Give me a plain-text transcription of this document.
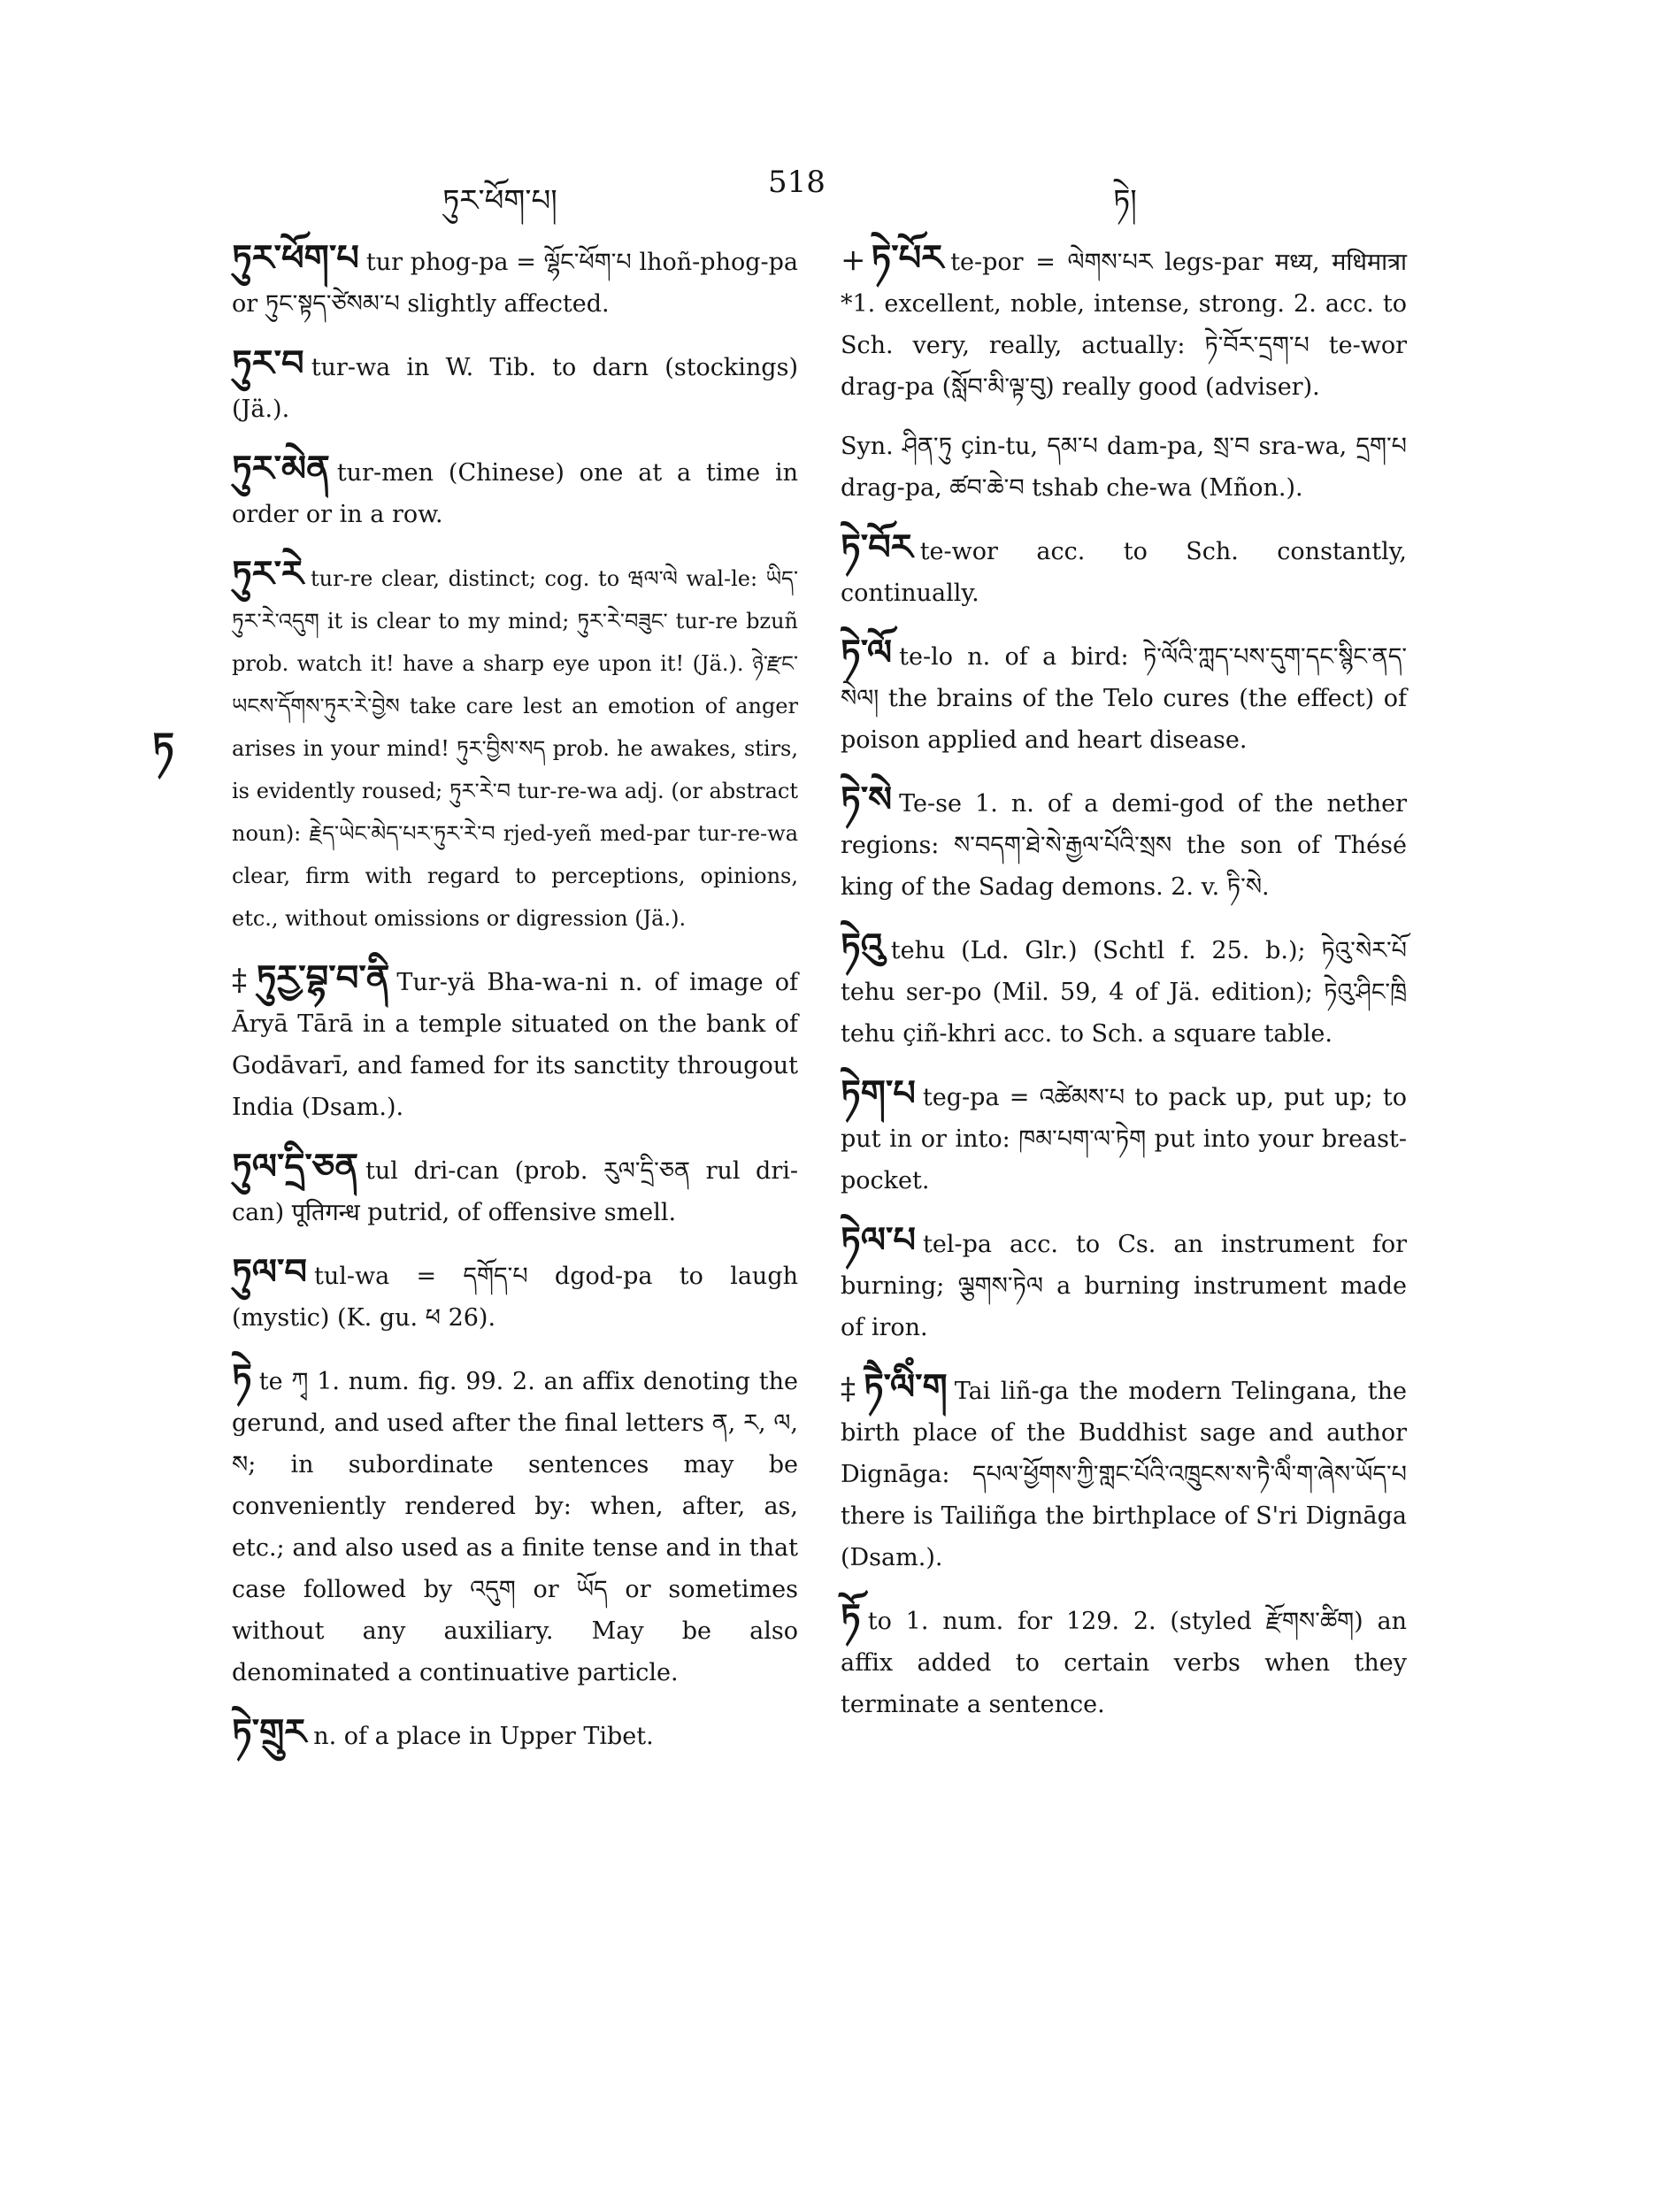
ཏུར་ཕོག་པ།
518
ཏེ།
ཏ

ཏུར་ཕོག་པ tur phog-pa = ལྷོང་ཕོག་པ lhoñ-phog-pa or ཏུང་སྟད་ཙེསམ་པ slightly affected.

ཏུར་བ tur-wa in W. Tib. to darn (stockings) (Jä.).

ཏུར་མེན tur-men (Chinese) one at a time in order or in a row.

ཏུར་རེ tur-re clear, distinct; cog. to ཝལ་ལེ wal-le: ཡིད་ཏུར་རེ་འདུག it is clear to my mind; ཏུར་རེ་བཟུང་ tur-re bzuñ prob. watch it! have a sharp eye upon it! (Jä.). ཉེ་རྫང་ཡངས་དོགས་ཏུར་རེ་བྱེས take care lest an emotion of anger arises in your mind! ཏུར་བྱིས་སད prob. he awakes, stirs, is evidently roused; ཏུར་རེ་བ tur-re-wa adj. (or abstract noun): རྗེད་ཡེང་མེད་པར་ཏུར་རེ་བ rjed-yeñ med-par tur-re-wa clear, firm with regard to perceptions, opinions, etc., without omissions or digression (Jä.).

‡ ཏུརྱ་བྷ་བ་ནི Tur-yä Bha-wa-ni n. of image of Āryā Tārā in a temple situated on the bank of Godāvarī, and famed for its sanctity througout India (Dsam.).

ཏུལ་དྲི་ཅན tul dri-can (prob. རུལ་དྲི་ཅན rul dri-can) पूतिगन्ध putrid, of offensive smell.

ཏུལ་བ tul-wa = དགོད་པ dgod-pa to laugh (mystic) (K. gu. ཕ 26).

ཏེ te ཀྭ 1. num. fig. 99. 2. an affix denoting the gerund, and used after the final letters ན, ར, ལ, ས; in subordinate sentences may be conveniently rendered by: when, after, as, etc.; and also used as a finite tense and in that case followed by འདུག or ཡོད or sometimes without any auxiliary. May be also denominated a continuative particle.

ཏེ་གྲུར n. of a place in Upper Tibet.

+ ཏེ་པོར te-por = ལེགས་པར legs-par मध्य, मधिमात्रा *1. excellent, noble, intense, strong. 2. acc. to Sch. very, really, actually: ཏེ་བོར་དྲག་པ te-wor drag-pa (སློབ་མི་ལྟ་བུ) really good (adviser).

Syn. ཤིན་ཏུ çin-tu, དམ་པ dam-pa, སྲ་བ sra-wa, དྲག་པ drag-pa, ཚབ་ཆེ་བ tshab che-wa (Mñon.).

ཏེ་བོར te-wor acc. to Sch. constantly, continually.

ཏེ་ལོ te-lo n. of a bird: ཏེ་ལོའི་ཀླད་པས་དུག་དང་སྙིང་ནད་སེལ། the brains of the Telo cures (the effect) of poison applied and heart disease.

ཏེ་སེ Te-se 1. n. of a demi-god of the nether regions: ས་བདག་ཐེ་སེ་རྒྱལ་པོའི་སྲས the son of Thésé king of the Sadag demons. 2. v. ཏི་སེ.

ཏེའུ tehu (Ld. Glr.) (Schtl f. 25. b.); ཏེའུ་སེར་པོ tehu ser-po (Mil. 59, 4 of Jä. edition); ཏེའུ་ཤིང་ཁྲི tehu çiñ-khri acc. to Sch. a square table.

ཏེག་པ teg-pa = འཚེམས་པ to pack up, put up; to put in or into: ཁམ་པག་ལ་ཏེག put into your breast-pocket.

ཏེལ་པ tel-pa acc. to Cs. an instrument for burning; ལྕགས་ཏེལ a burning instrument made of iron.

‡ ཏཻ་ལིཾ་ག Tai liñ-ga the modern Telingana, the birth place of the Buddhist sage and author Dignāga: དཔལ་ཕྱོགས་ཀྱི་གླང་པོའི་འཁྲུངས་ས་ཏཻ་ལིཾ་ག་ཞེས་ཡོད་པ there is Tailiñga the birthplace of S'ri Dignāga (Dsam.).

ཏོ to 1. num. for 129. 2. (styled རྫོགས་ཚིག) an affix added to certain verbs when they terminate a sentence.
